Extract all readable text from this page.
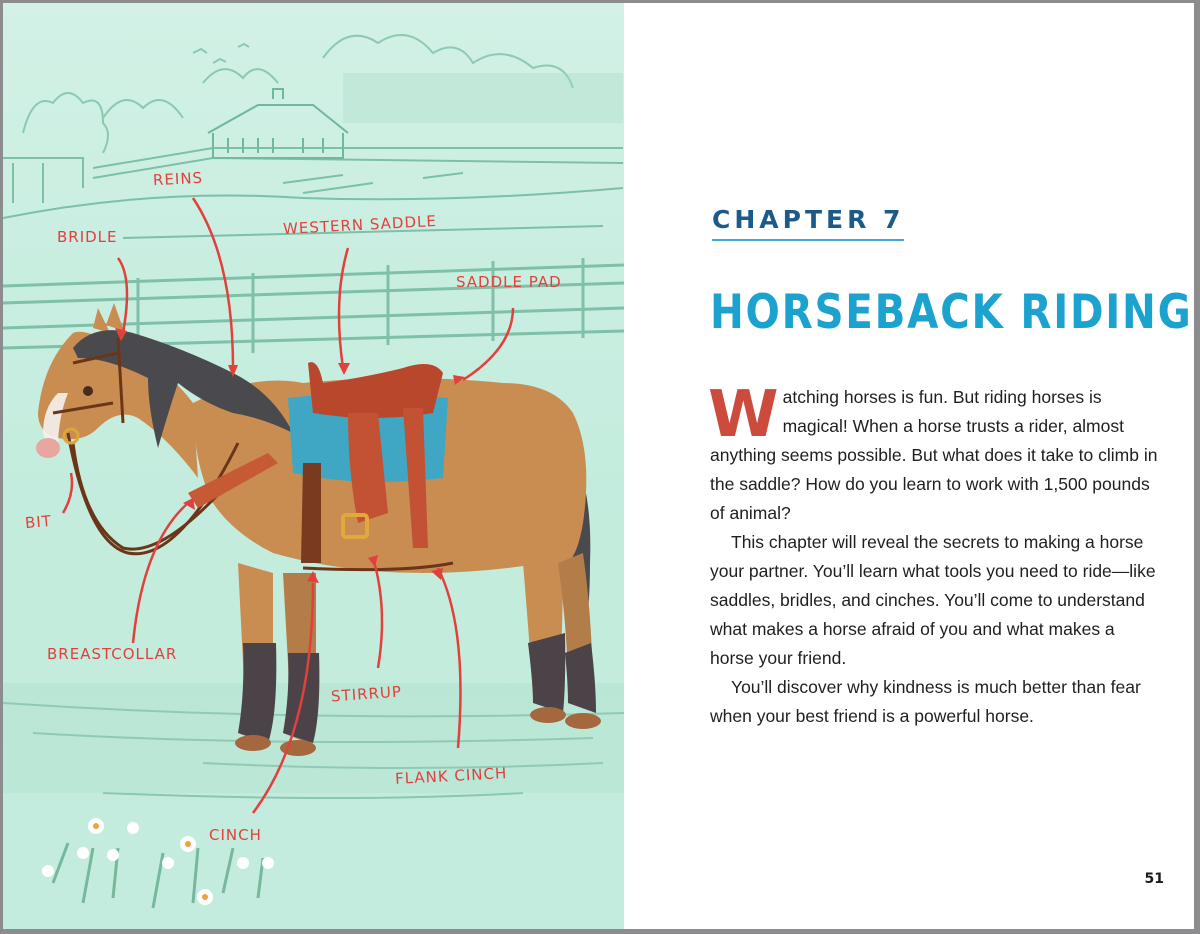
REINS
BRIDLE	WESTERN SADDLE
SADDLE PAD
BIT
BREASTCOLLAR
STIRRUP
FLANK CINCH
CINCH
CHAPTER 7
HORSEBACK RIDING

Watching horses is fun. But riding horses is magical! When a horse trusts a rider, almost anything seems possible. But what does it take to climb in the saddle? How do you learn to work with 1,500 pounds of animal?

This chapter will reveal the secrets to making a horse your partner. You’ll learn what tools you need to ride—like saddles, bridles, and cinches. You’ll come to understand what makes a horse afraid of you and what makes a horse your friend.

You’ll discover why kindness is much better than fear when your best friend is a powerful horse.

51
